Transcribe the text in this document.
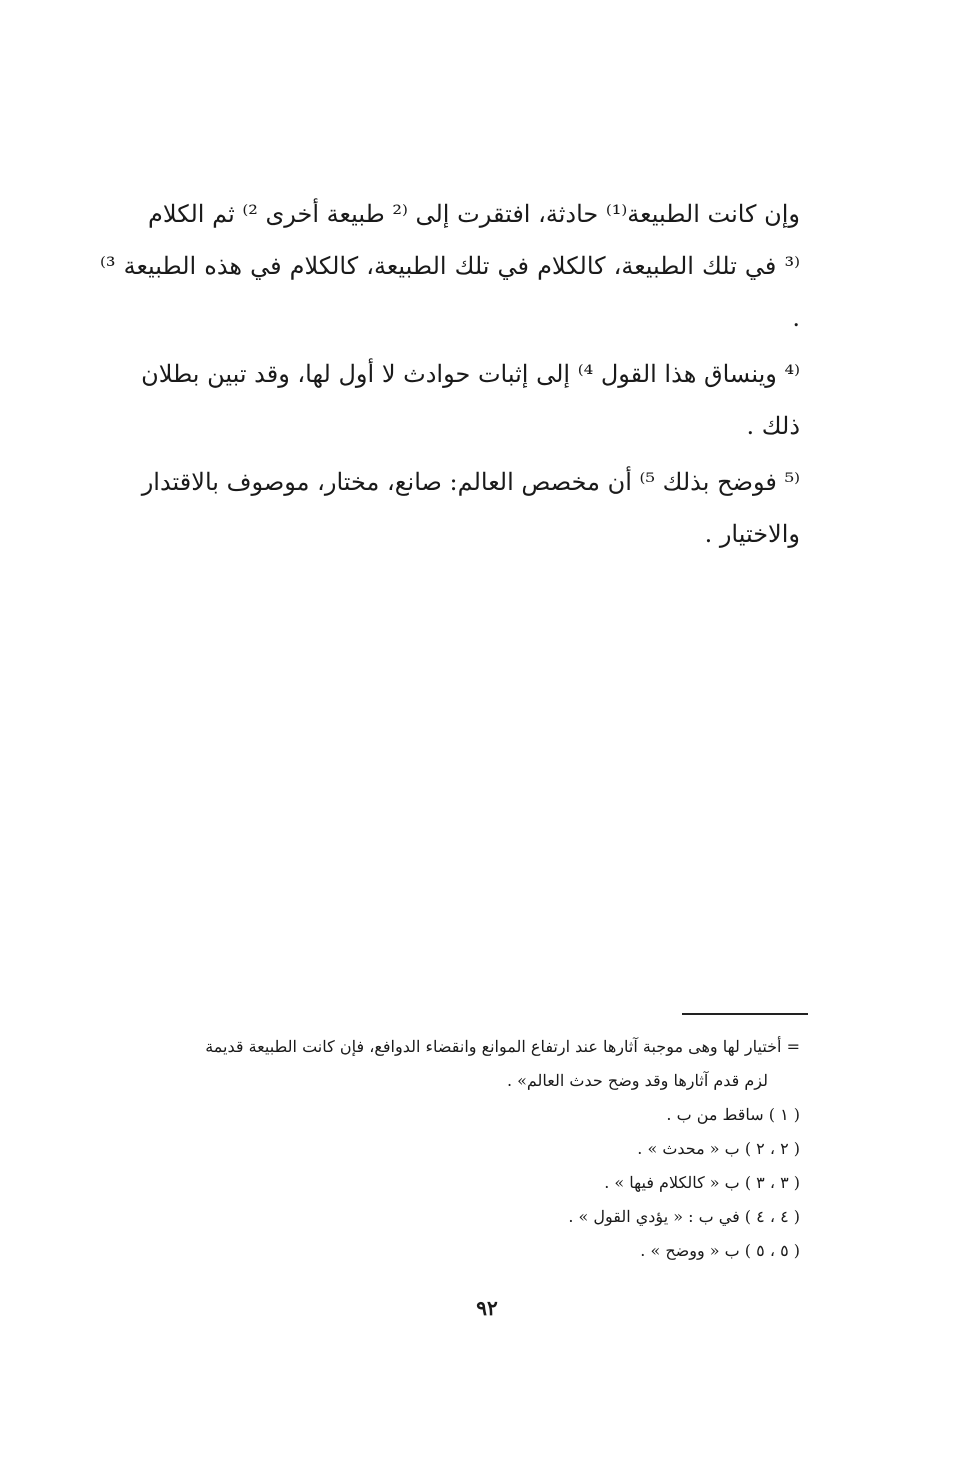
وإن كانت الطبيعة⁽¹⁾ حادثة، افتقرت إلى ⁽² طبيعة أخرى ²⁾ ثم الكلام
⁽³ في تلك الطبيعة، كالكلام في تلك الطبيعة، كالكلام في هذه الطبيعة ³⁾ .

⁽⁴ وينساق هذا القول ⁴⁾ إلى إثبات حوادث لا أول لها، وقد تبين بطلان
ذلك .

⁽⁵ فوضح بذلك ⁵⁾ أن مخصص العالم: صانع، مختار، موصوف بالاقتدار
والاختيار .

= أختيار لها وهى موجبة آثارها عند ارتفاع الموانع وانقضاء الدوافع، فإن كانت الطبيعة قديمة

لزم قدم آثارها وقد وضح حدث العالم» .

( ١ ) ساقط من ب .

( ٢ ، ٢ ) ب « محدث » .

( ٣ ، ٣ ) ب « كالكلام فيها » .

( ٤ ، ٤ ) في ب : « يؤدي القول » .

( ٥ ، ٥ ) ب « ووضح » .

٩٢
